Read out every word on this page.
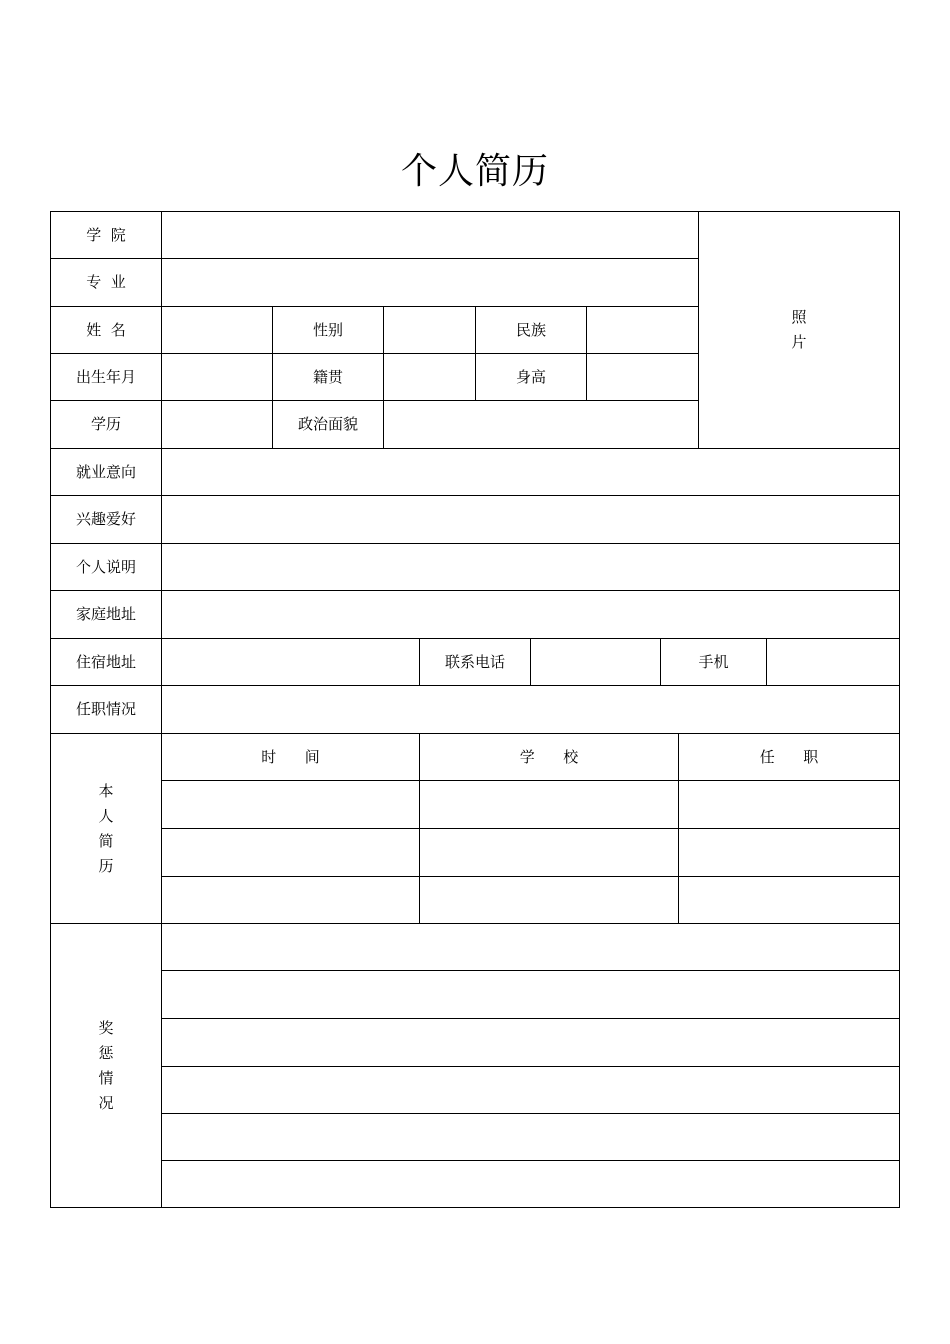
个人简历
学  院
照
片
专  业
姓  名	性别	民族
出生年月	籍贯	身高
学历	政治面貌
就业意向
兴趣爱好
个人说明
家庭地址
住宿地址	联系电话	手机
任职情况
本
人
简
历
时      间	学      校	任      职
奖
惩
情
况
